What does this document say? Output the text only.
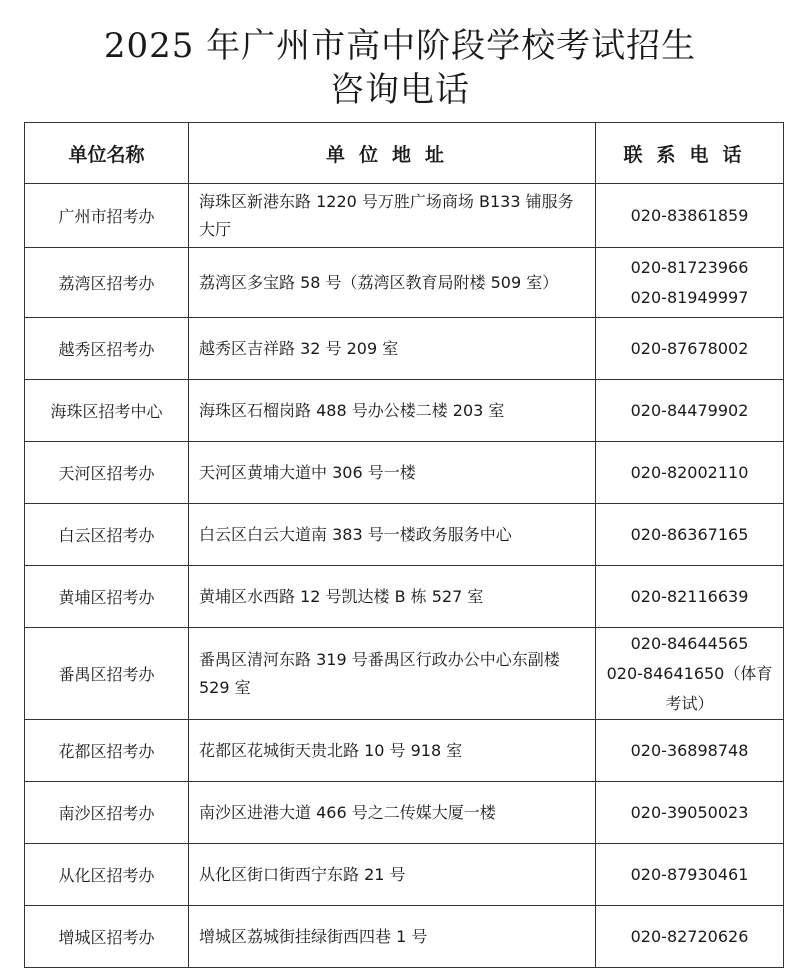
2025 年广州市高中阶段学校考试招生
咨询电话
单位名称	单位地址	联系电话
广州市招考办	海珠区新港东路 1220 号万胜广场商场 B133 铺服务大厅	020-83861859

荔湾区招考办	荔湾区多宝路 58 号（荔湾区教育局附楼 509 室）	020-81723966
020-81949997

越秀区招考办	越秀区吉祥路 32 号 209 室	020-87678002

海珠区招考中心	海珠区石榴岗路 488 号办公楼二楼 203 室	020-84479902

天河区招考办	天河区黄埔大道中 306 号一楼	020-82002110

白云区招考办	白云区白云大道南 383 号一楼政务服务中心	020-86367165

黄埔区招考办	黄埔区水西路 12 号凯达楼 B 栋 527 室	020-82116639

番禺区招考办	番禺区清河东路 319 号番禺区行政办公中心东副楼 529 室	020-84644565
020-84641650（体育考试）

花都区招考办	花都区花城街天贵北路 10 号 918 室	020-36898748

南沙区招考办	南沙区进港大道 466 号之二传媒大厦一楼	020-39050023

从化区招考办	从化区街口街西宁东路 21 号	020-87930461

增城区招考办	增城区荔城街挂绿街西四巷 1 号	020-82720626
